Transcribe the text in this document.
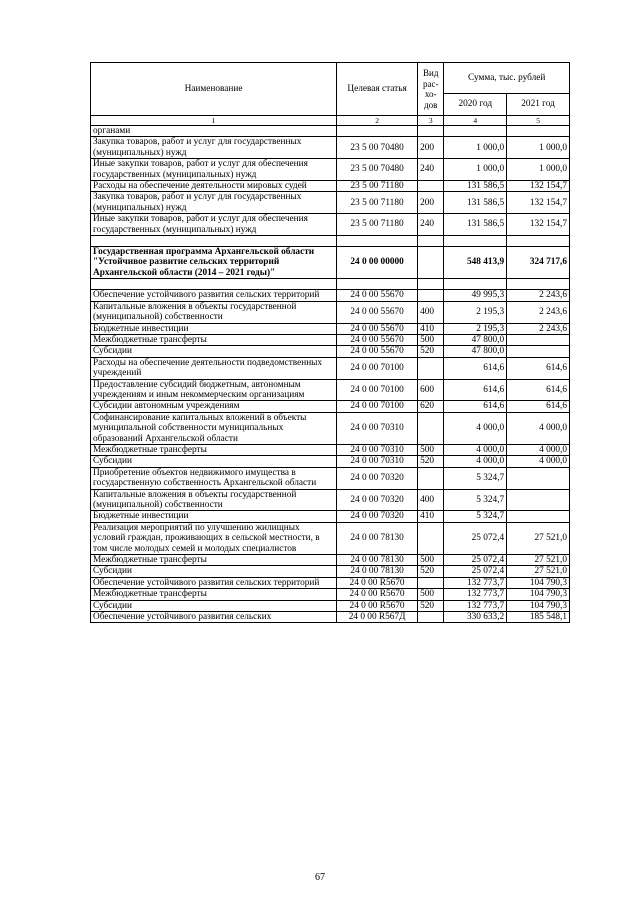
Наименование	Целевая статья	Вид рас-хо-дов	Сумма, тыс. рублей	
			2020 год	2021 год
1	2	3	4	5
органами				
Закупка товаров, работ и услуг для государственных (муниципальных) нужд	23 5 00 70480	200	1 000,0	1 000,0
Иные закупки товаров, работ и услуг для обеспечения государственных (муниципальных) нужд	23 5 00 70480	240	1 000,0	1 000,0
Расходы на обеспечение деятельности мировых судей	23 5 00 71180		131 586,5	132 154,7
Закупка товаров, работ и услуг для государственных (муниципальных) нужд	23 5 00 71180	200	131 586,5	132 154,7
Иные закупки товаров, работ и услуг для обеспечения государственных (муниципальных) нужд	23 5 00 71180	240	131 586,5	132 154,7

Государственная программа Архангельской области "Устойчивое развитие сельских территорий Архангельской области (2014 – 2021 годы)"	24 0 00 00000		548 413,9	324 717,6

Обеспечение устойчивого развития сельских территорий	24 0 00 55670		49 995,3	2 243,6
Капитальные вложения в объекты государственной (муниципальной) собственности	24 0 00 55670	400	2 195,3	2 243,6
Бюджетные инвестиции	24 0 00 55670	410	2 195,3	2 243,6
Межбюджетные трансферты	24 0 00 55670	500	47 800,0	
Субсидии	24 0 00 55670	520	47 800,0	
Расходы на обеспечение деятельности подведомственных учреждений	24 0 00 70100		614,6	614,6
Предоставление субсидий бюджетным, автономным учреждениям и иным некоммерческим организациям	24 0 00 70100	600	614,6	614,6
Субсидии автономным учреждениям	24 0 00 70100	620	614,6	614,6
Софинансирование капитальных вложений в объекты муниципальной собственности муниципальных образований Архангельской области	24 0 00 70310		4 000,0	4 000,0
Межбюджетные трансферты	24 0 00 70310	500	4 000,0	4 000,0
Субсидии	24 0 00 70310	520	4 000,0	4 000,0
Приобретение объектов недвижимого имущества в государственную собственность Архангельской области	24 0 00 70320		5 324,7	
Капитальные вложения в объекты государственной (муниципальной) собственности	24 0 00 70320	400	5 324,7	
Бюджетные инвестиции	24 0 00 70320	410	5 324,7	
Реализация мероприятий по улучшению жилищных условий граждан, проживающих в сельской местности, в том числе молодых семей и молодых специалистов	24 0 00 78130		25 072,4	27 521,0
Межбюджетные трансферты	24 0 00 78130	500	25 072,4	27 521,0
Субсидии	24 0 00 78130	520	25 072,4	27 521,0
Обеспечение устойчивого развития сельских территорий	24 0 00 R5670		132 773,7	104 790,3
Межбюджетные трансферты	24 0 00 R5670	500	132 773,7	104 790,3
Субсидии	24 0 00 R5670	520	132 773,7	104 790,3
Обеспечение устойчивого развития сельских	24 0 00 R567Д		330 633,2	185 548,1
67
